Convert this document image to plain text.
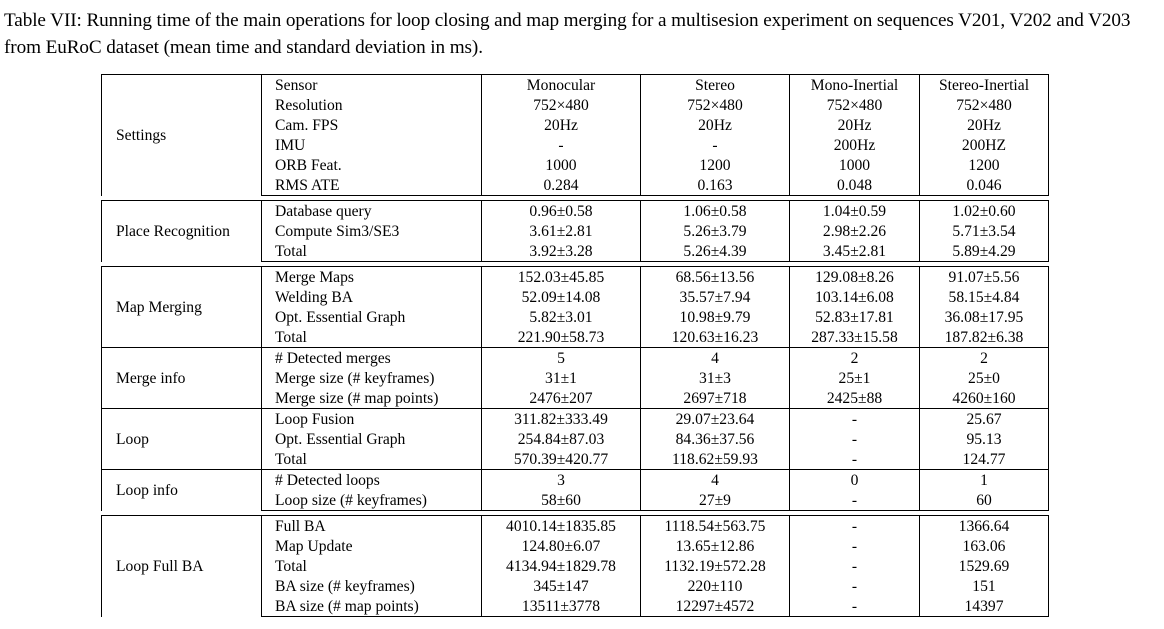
Table VII: Running time of the main operations for loop closing and map merging for a multisesion experiment on sequences V201, V202 and V203 from EuRoC dataset (mean time and standard deviation in ms).

Settings	Sensor	Monocular	Stereo	Mono-Inertial	Stereo-Inertial
	Resolution	752×480	752×480	752×480	752×480
	Cam. FPS	20Hz	20Hz	20Hz	20Hz
	IMU	-	-	200Hz	200HZ
	ORB Feat.	1000	1200	1000	1200
	RMS ATE	0.284	0.163	0.048	0.046

Place Recognition	Database query	0.96±0.58	1.06±0.58	1.04±0.59	1.02±0.60
	Compute Sim3/SE3	3.61±2.81	5.26±3.79	2.98±2.26	5.71±3.54
	Total	3.92±3.28	5.26±4.39	3.45±2.81	5.89±4.29

Map Merging	Merge Maps	152.03±45.85	68.56±13.56	129.08±8.26	91.07±5.56
	Welding BA	52.09±14.08	35.57±7.94	103.14±6.08	58.15±4.84
	Opt. Essential Graph	5.82±3.01	10.98±9.79	52.83±17.81	36.08±17.95
	Total	221.90±58.73	120.63±16.23	287.33±15.58	187.82±6.38
Merge info	# Detected merges	5	4	2	2
	Merge size (# keyframes)	31±1	31±3	25±1	25±0
	Merge size (# map points)	2476±207	2697±718	2425±88	4260±160
Loop	Loop Fusion	311.82±333.49	29.07±23.64	-	25.67
	Opt. Essential Graph	254.84±87.03	84.36±37.56	-	95.13
	Total	570.39±420.77	118.62±59.93	-	124.77
Loop info	# Detected loops	3	4	0	1
	Loop size (# keyframes)	58±60	27±9	-	60

Loop Full BA	Full BA	4010.14±1835.85	1118.54±563.75	-	1366.64
	Map Update	124.80±6.07	13.65±12.86	-	163.06
	Total	4134.94±1829.78	1132.19±572.28	-	1529.69
	BA size (# keyframes)	345±147	220±110	-	151
	BA size (# map points)	13511±3778	12297±4572	-	14397
